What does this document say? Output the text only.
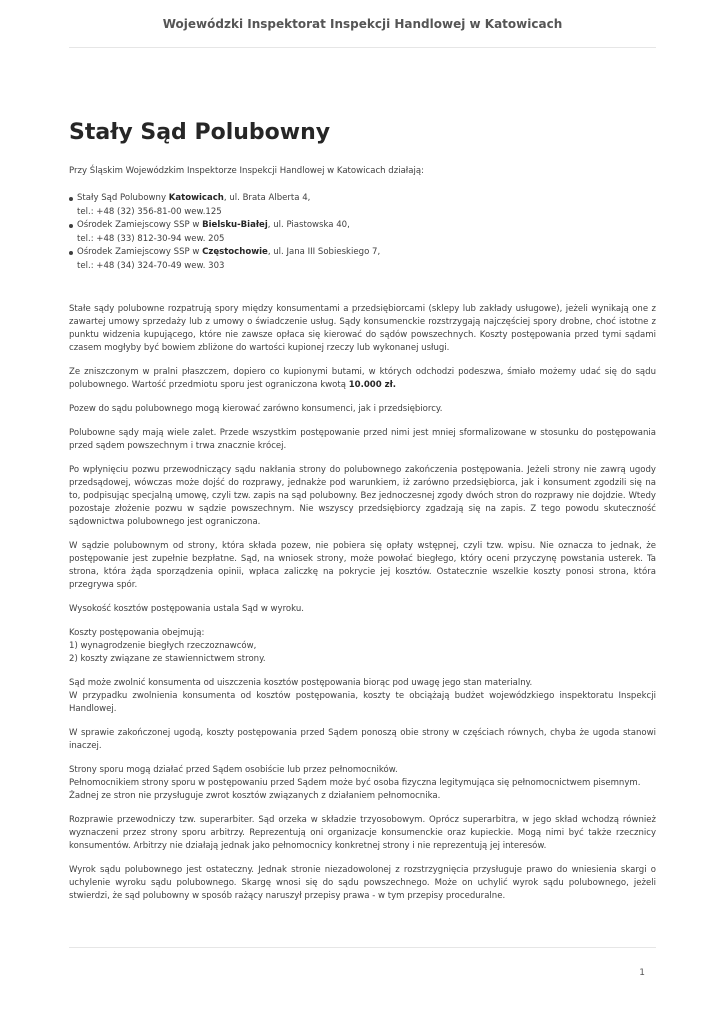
Wojewódzki Inspektorat Inspekcji Handlowej w Katowicach
Stały Sąd Polubowny

Przy Śląskim Wojewódzkim Inspektorze Inspekcji Handlowej w Katowicach działają:

Stały Sąd Polubowny Katowicach, ul. Brata Alberta 4,
tel.: +48 (32) 356-81-00 wew.125
Ośrodek Zamiejscowy SSP w Bielsku-Białej, ul. Piastowska 40,
tel.: +48 (33) 812-30-94 wew. 205
Ośrodek Zamiejscowy SSP w Częstochowie, ul. Jana III Sobieskiego 7,
tel.: +48 (34) 324-70-49 wew. 303

Stałe sądy polubowne rozpatrują spory między konsumentami a przedsiębiorcami (sklepy lub zakłady usługowe), jeżeli wynikają one z zawartej umowy sprzedaży lub z umowy o świadczenie usług. Sądy konsumenckie rozstrzygają najczęściej spory drobne, choć istotne z punktu widzenia kupującego, które nie zawsze opłaca się kierować do sądów powszechnych. Koszty postępowania przed tymi sądami czasem mogłyby być bowiem zbliżone do wartości kupionej rzeczy lub wykonanej usługi.

Ze zniszczonym w pralni płaszczem, dopiero co kupionymi butami, w których odchodzi podeszwa, śmiało możemy udać się do sądu polubownego. Wartość przedmiotu sporu jest ograniczona kwotą 10.000 zł.

Pozew do sądu polubownego mogą kierować zarówno konsumenci, jak i przedsiębiorcy.

Polubowne sądy mają wiele zalet. Przede wszystkim postępowanie przed nimi jest mniej sformalizowane w stosunku do postępowania przed sądem powszechnym i trwa znacznie krócej.

Po wpłynięciu pozwu przewodniczący sądu nakłania strony do polubownego zakończenia postępowania. Jeżeli strony nie zawrą ugody przedsądowej, wówczas może dojść do rozprawy, jednakże pod warunkiem, iż zarówno przedsiębiorca, jak i konsument zgodzili się na to, podpisując specjalną umowę, czyli tzw. zapis na sąd polubowny. Bez jednoczesnej zgody dwóch stron do rozprawy nie dojdzie. Wtedy pozostaje złożenie pozwu w sądzie powszechnym. Nie wszyscy przedsiębiorcy zgadzają się na zapis. Z tego powodu skuteczność sądownictwa polubownego jest ograniczona.

W sądzie polubownym od strony, która składa pozew, nie pobiera się opłaty wstępnej, czyli tzw. wpisu. Nie oznacza to jednak, że postępowanie jest zupełnie bezpłatne. Sąd, na wniosek strony, może powołać biegłego, który oceni przyczynę powstania usterek. Ta strona, która żąda sporządzenia opinii, wpłaca zaliczkę na pokrycie jej kosztów. Ostatecznie wszelkie koszty ponosi strona, która przegrywa spór.

Wysokość kosztów postępowania ustala Sąd w wyroku.

Koszty postępowania obejmują:
1) wynagrodzenie biegłych rzeczoznawców,
2) koszty związane ze stawiennictwem strony.

Sąd może zwolnić konsumenta od uiszczenia kosztów postępowania biorąc pod uwagę jego stan materialny.
W przypadku zwolnienia konsumenta od kosztów postępowania, koszty te obciążają budżet wojewódzkiego inspektoratu Inspekcji Handlowej.

W sprawie zakończonej ugodą, koszty postępowania przed Sądem ponoszą obie strony w częściach równych, chyba że ugoda stanowi inaczej.

Strony sporu mogą działać przed Sądem osobiście lub przez pełnomocników.
Pełnomocnikiem strony sporu w postępowaniu przed Sądem może być osoba fizyczna legitymująca się pełnomocnictwem pisemnym.
Żadnej ze stron nie przysługuje zwrot kosztów związanych z działaniem pełnomocnika.

Rozprawie przewodniczy tzw. superarbiter. Sąd orzeka w składzie trzyosobowym. Oprócz superarbitra, w jego skład wchodzą również wyznaczeni przez strony sporu arbitrzy. Reprezentują oni organizacje konsumenckie oraz kupieckie. Mogą nimi być także rzecznicy konsumentów. Arbitrzy nie działają jednak jako pełnomocnicy konkretnej strony i nie reprezentują jej interesów.

Wyrok sądu polubownego jest ostateczny. Jednak stronie niezadowolonej z rozstrzygnięcia przysługuje prawo do wniesienia skargi o uchylenie wyroku sądu polubownego. Skargę wnosi się do sądu powszechnego. Może on uchylić wyrok sądu polubownego, jeżeli stwierdzi, że sąd polubowny w sposób rażący naruszył przepisy prawa - w tym przepisy proceduralne.

1
